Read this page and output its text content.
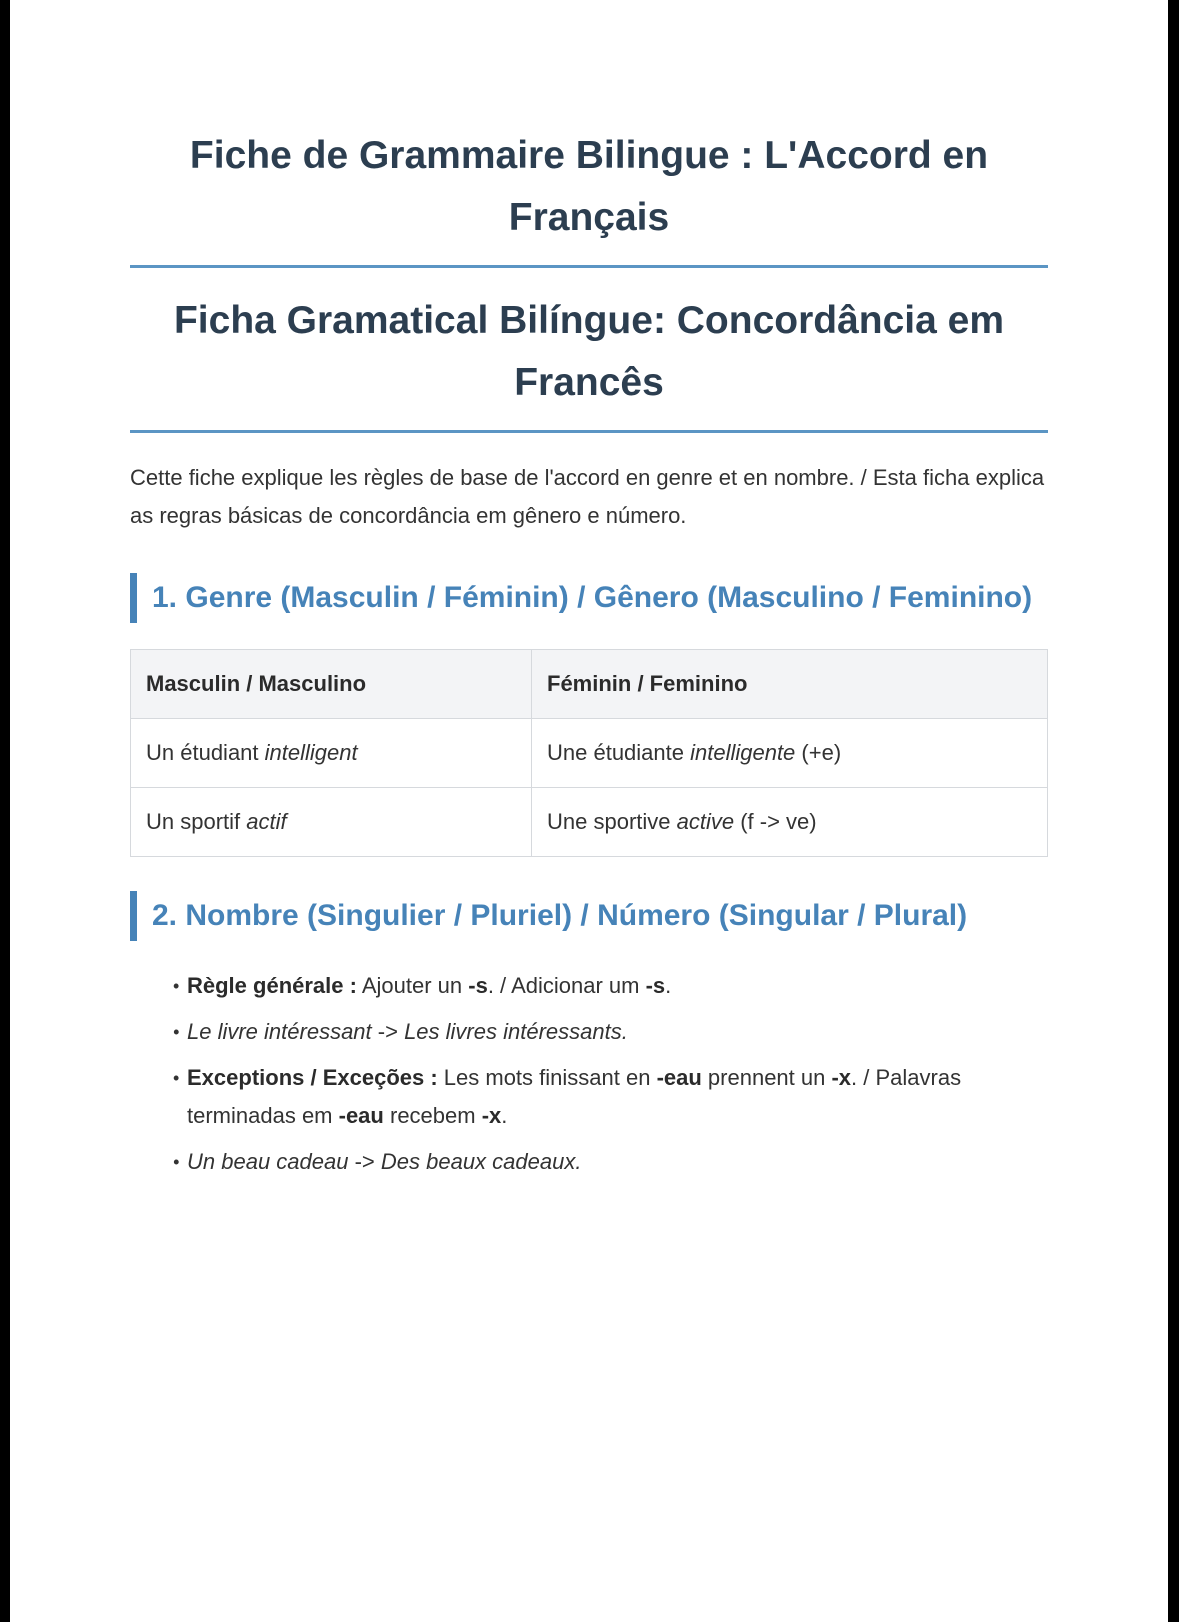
Fiche de Grammaire Bilingue : L'Accord en Français
Ficha Gramatical Bilíngue: Concordância em Francês

Cette fiche explique les règles de base de l'accord en genre et en nombre. / Esta ficha explica as regras básicas de concordância em gênero e número.

1. Genre (Masculin / Féminin) / Gênero (Masculino / Feminino)
Masculin / Masculino	Féminin / Feminino
Un étudiant intelligent	Une étudiante intelligente (+e)
Un sportif actif	Une sportive active (f -> ve)
2. Nombre (Singulier / Pluriel) / Número (Singular / Plural)
• Règle générale : Ajouter un -s. / Adicionar um -s.
• Le livre intéressant -> Les livres intéressants.
• Exceptions / Exceções : Les mots finissant en -eau prennent un -x. / Palavras terminadas em -eau recebem -x.
• Un beau cadeau -> Des beaux cadeaux.
